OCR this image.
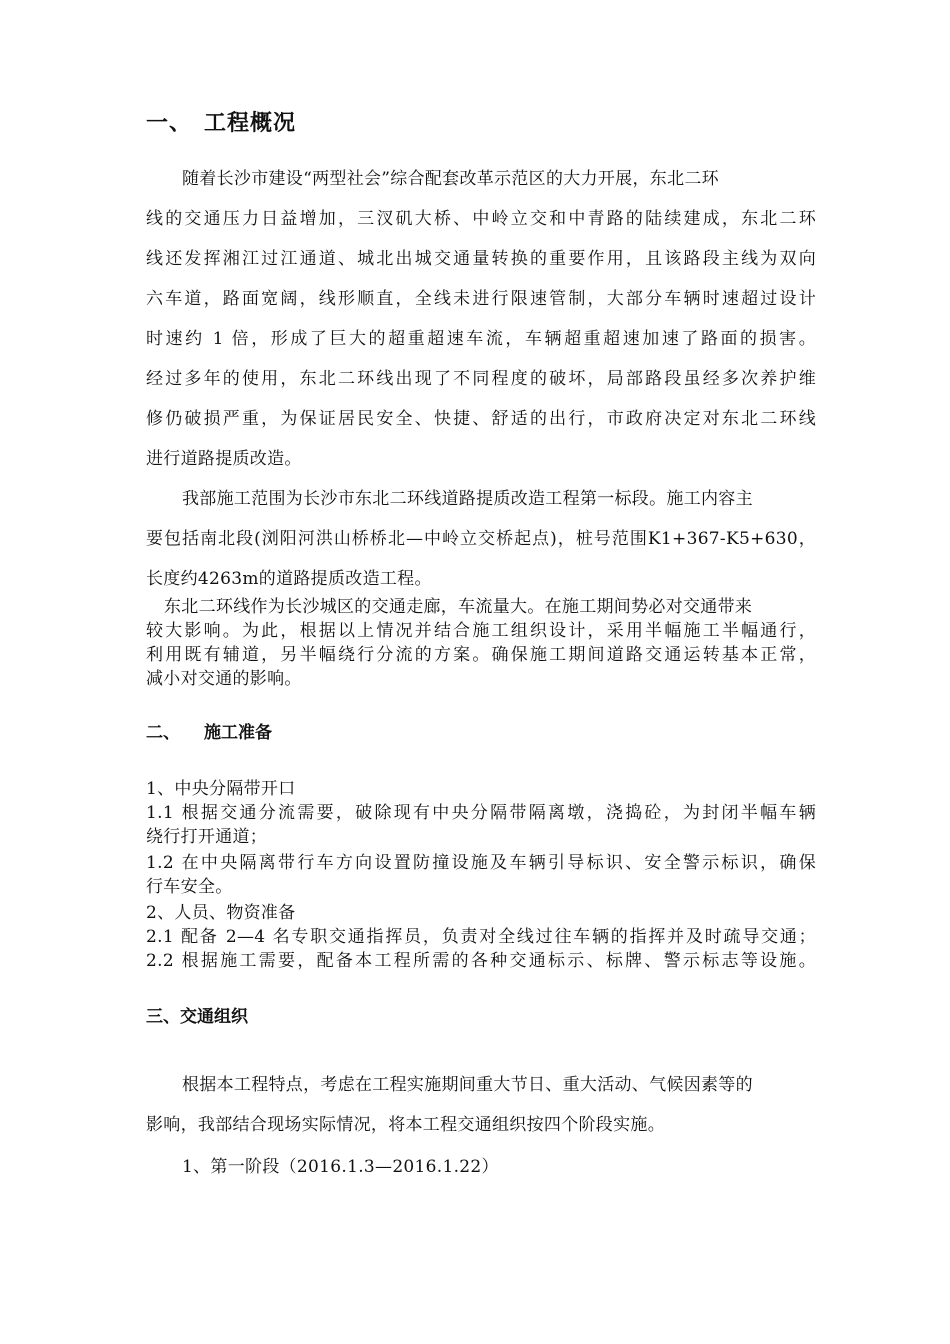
一、 工程概况
随着长沙市建设“两型社会”综合配套改革示范区的大力开展，东北二环
线的交通压力日益增加，三汊矶大桥、中岭立交和中青路的陆续建成，东北二环
线还发挥湘江过江通道、城北出城交通量转换的重要作用，且该路段主线为双向
六车道，路面宽阔，线形顺直，全线未进行限速管制，大部分车辆时速超过设计
时速约 1 倍，形成了巨大的超重超速车流，车辆超重超速加速了路面的损害。
经过多年的使用，东北二环线出现了不同程度的破坏，局部路段虽经多次养护维
修仍破损严重，为保证居民安全、快捷、舒适的出行，市政府决定对东北二环线
进行道路提质改造。
我部施工范围为长沙市东北二环线道路提质改造工程第一标段。施工内容主
要包括南北段(浏阳河洪山桥桥北—中岭立交桥起点)，桩号范围K1+367-K5+630，
长度约4263m的道路提质改造工程。
东北二环线作为长沙城区的交通走廊，车流量大。在施工期间势必对交通带来
较大影响。为此，根据以上情况并结合施工组织设计，采用半幅施工半幅通行，
利用既有辅道，另半幅绕行分流的方案。确保施工期间道路交通运转基本正常，
减小对交通的影响。
二、 施工准备
1、中央分隔带开口
1.1 根据交通分流需要，破除现有中央分隔带隔离墩，浇捣砼，为封闭半幅车辆
绕行打开通道；
1.2 在中央隔离带行车方向设置防撞设施及车辆引导标识、安全警示标识，确保
行车安全。
2、人员、物资准备
2.1 配备 2—4 名专职交通指挥员，负责对全线过往车辆的指挥并及时疏导交通；
2.2 根据施工需要，配备本工程所需的各种交通标示、标牌、警示标志等设施。
三、交通组织
根据本工程特点，考虑在工程实施期间重大节日、重大活动、气候因素等的
影响，我部结合现场实际情况，将本工程交通组织按四个阶段实施。
1、第一阶段（2016.1.3—2016.1.22）
